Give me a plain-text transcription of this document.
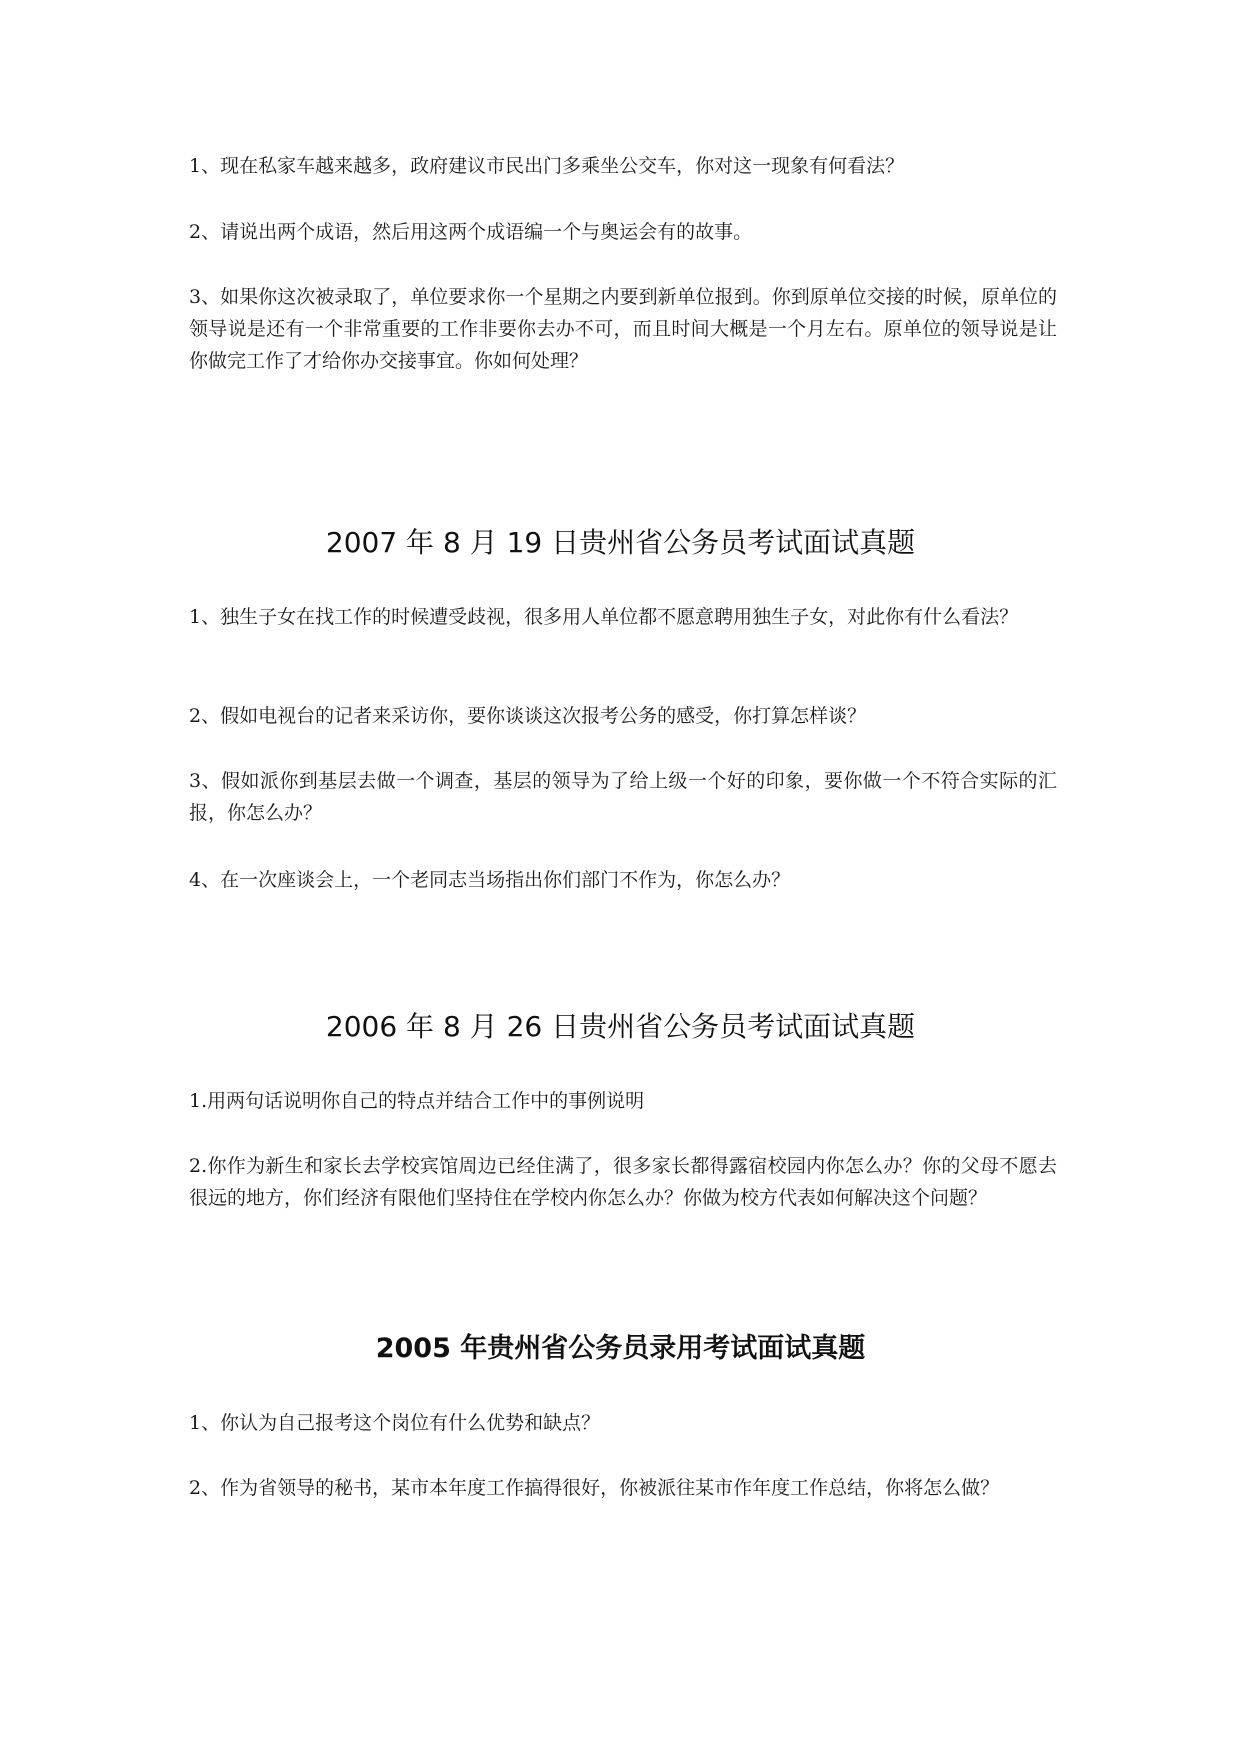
1、现在私家车越来越多，政府建议市民出门多乘坐公交车，你对这一现象有何看法？

2、请说出两个成语，然后用这两个成语编一个与奥运会有的故事。

3、如果你这次被录取了，单位要求你一个星期之内要到新单位报到。你到原单位交接的时候，原单位的领导说是还有一个非常重要的工作非要你去办不可，而且时间大概是一个月左右。原单位的领导说是让你做完工作了才给你办交接事宜。你如何处理？

2007 年 8 月 19 日贵州省公务员考试面试真题

1、独生子女在找工作的时候遭受歧视，很多用人单位都不愿意聘用独生子女，对此你有什么看法？

2、假如电视台的记者来采访你，要你谈谈这次报考公务的感受，你打算怎样谈？

3、假如派你到基层去做一个调查，基层的领导为了给上级一个好的印象，要你做一个不符合实际的汇报，你怎么办？

4、在一次座谈会上，一个老同志当场指出你们部门不作为，你怎么办？

2006 年 8 月 26 日贵州省公务员考试面试真题

1.用两句话说明你自己的特点并结合工作中的事例说明

2.你作为新生和家长去学校宾馆周边已经住满了，很多家长都得露宿校园内你怎么办？你的父母不愿去很远的地方，你们经济有限他们坚持住在学校内你怎么办？你做为校方代表如何解决这个问题？

2005 年贵州省公务员录用考试面试真题

1、你认为自己报考这个岗位有什么优势和缺点？

2、作为省领导的秘书，某市本年度工作搞得很好，你被派往某市作年度工作总结，你将怎么做？
